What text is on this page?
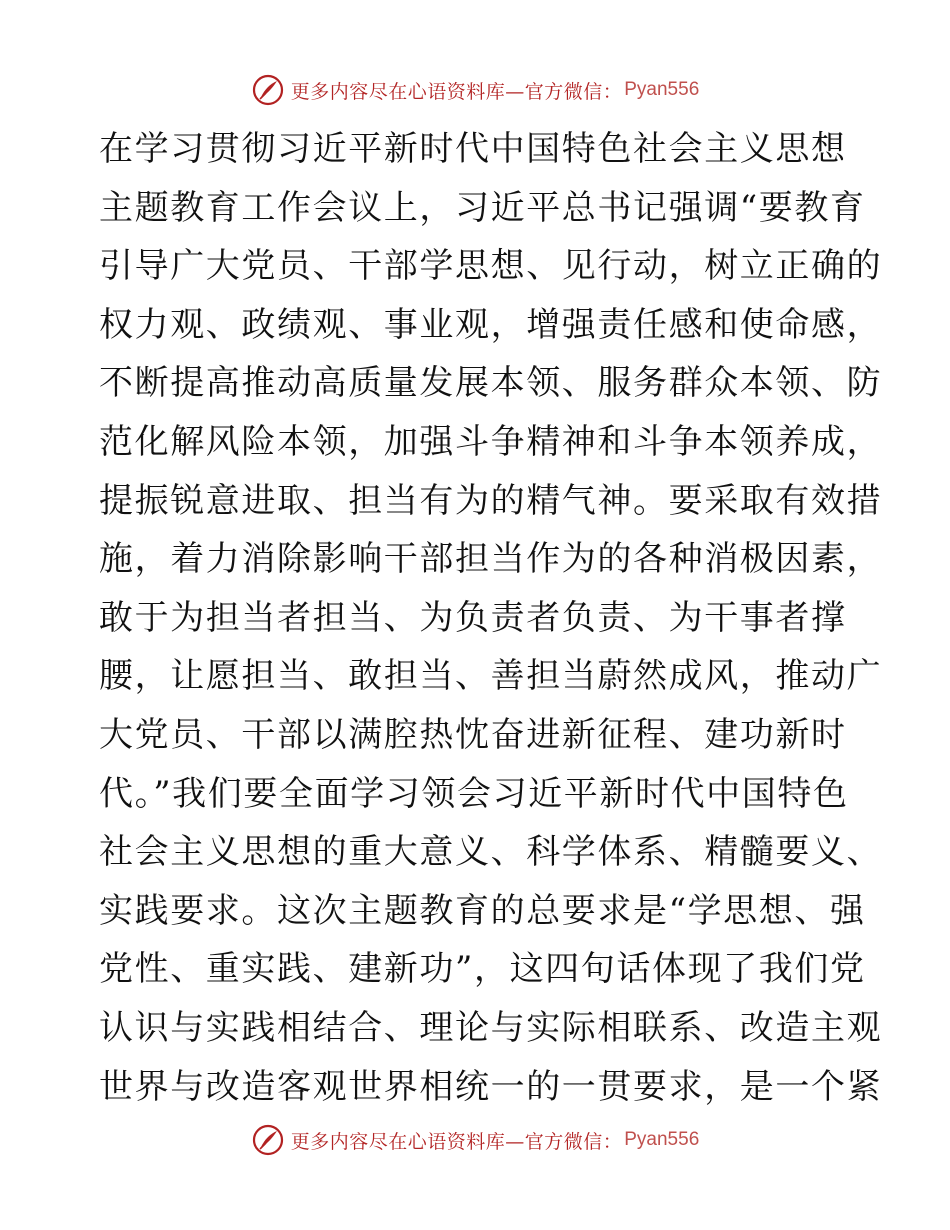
更多内容尽在心语资料库—官方微信： Pyan556
在学习贯彻习近平新时代中国特色社会主义思想
主题教育工作会议上，习近平总书记强调“要教育
引导广大党员、干部学思想、见行动，树立正确的
权力观、政绩观、事业观，增强责任感和使命感，
不断提高推动高质量发展本领、服务群众本领、防
范化解风险本领，加强斗争精神和斗争本领养成，
提振锐意进取、担当有为的精气神。要采取有效措
施，着力消除影响干部担当作为的各种消极因素，
敢于为担当者担当、为负责者负责、为干事者撑
腰，让愿担当、敢担当、善担当蔚然成风，推动广
大党员、干部以满腔热忱奋进新征程、建功新时
代。”我们要全面学习领会习近平新时代中国特色
社会主义思想的重大意义、科学体系、精髓要义、
实践要求。这次主题教育的总要求是“学思想、强
党性、重实践、建新功”，这四句话体现了我们党
认识与实践相结合、理论与实际相联系、改造主观
世界与改造客观世界相统一的一贯要求，是一个紧
更多内容尽在心语资料库—官方微信： Pyan556
